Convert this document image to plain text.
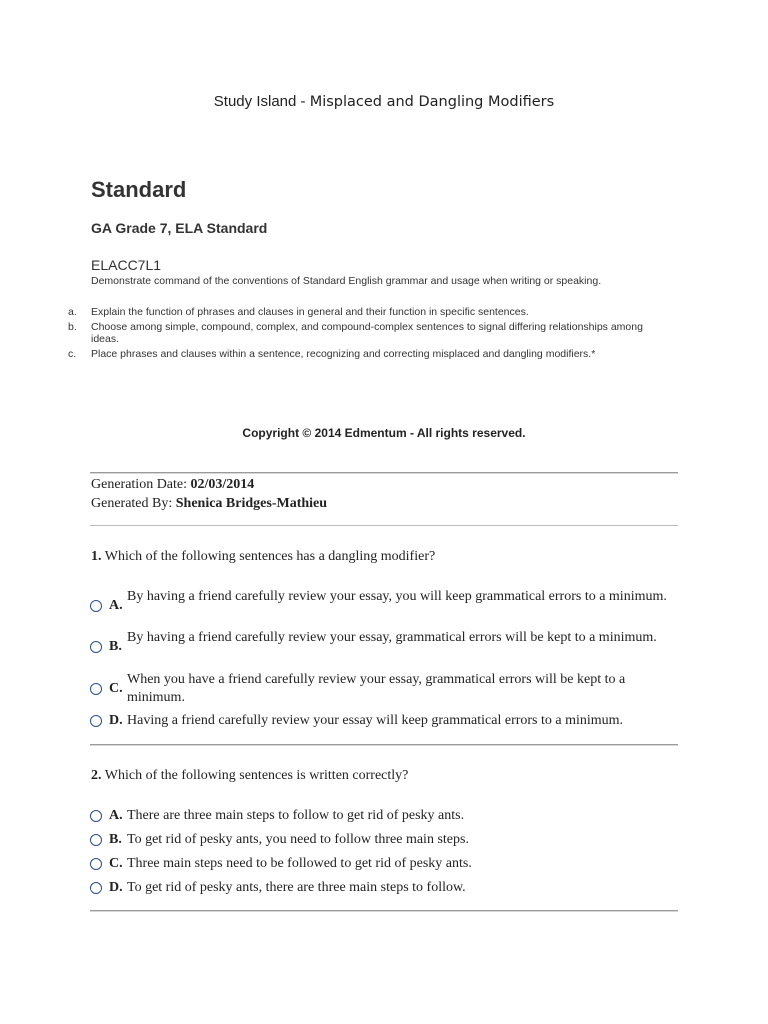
Study Island - Misplaced and Dangling Modifiers
Standard
GA Grade 7, ELA Standard
ELACC7L1
Demonstrate command of the conventions of Standard English grammar and usage when writing or speaking.
a. Explain the function of phrases and clauses in general and their function in specific sentences.
b. Choose among simple, compound, complex, and compound-complex sentences to signal differing relationships among ideas.
c. Place phrases and clauses within a sentence, recognizing and correcting misplaced and dangling modifiers.*
Copyright © 2014 Edmentum - All rights reserved.
Generation Date: 02/03/2014
Generated By: Shenica Bridges-Mathieu
1. Which of the following sentences has a dangling modifier?
A.
By having a friend carefully review your essay, you will keep grammatical errors to a minimum.
B.
By having a friend carefully review your essay, grammatical errors will be kept to a minimum.
C.
When you have a friend carefully review your essay, grammatical errors will be kept to a minimum.
D. Having a friend carefully review your essay will keep grammatical errors to a minimum.
2. Which of the following sentences is written correctly?
A. There are three main steps to follow to get rid of pesky ants.
B. To get rid of pesky ants, you need to follow three main steps.
C. Three main steps need to be followed to get rid of pesky ants.
D. To get rid of pesky ants, there are three main steps to follow.
